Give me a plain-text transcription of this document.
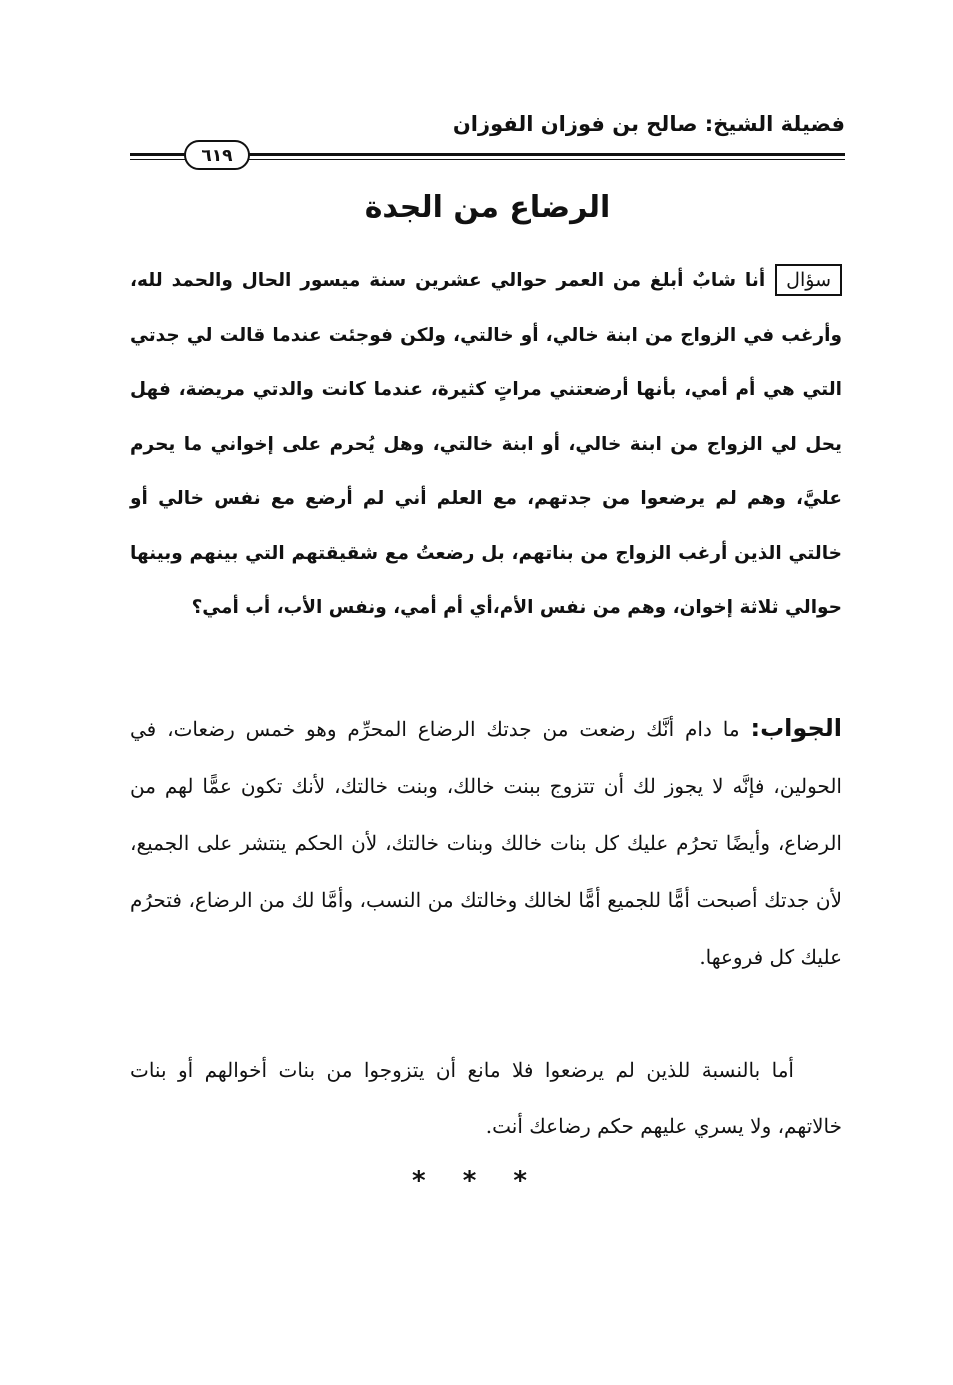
فضيلة الشيخ: صالح بن فوزان الفوزان
٦١٩
الرضاع من الجدة
سؤالأنا شابٌ أبلغ من العمر حوالي عشرين سنة ميسور الحال والحمد لله، وأرغب في الزواج من ابنة خالي، أو خالتي، ولكن فوجئت عندما قالت لي جدتي التي هي أم أمي، بأنها أرضعتني مراتٍ كثيرة، عندما كانت والدتي مريضة، فهل يحل لي الزواج من ابنة خالي، أو ابنة خالتي، وهل يُحرم على إخواني ما يحرم عليَّ، وهم لم يرضعوا من جدتهم، مع العلم أني لم أرضع مع نفس خالي أو خالتي الذين أرغب الزواج من بناتهم، بل رضعتُ مع شقيقتهم التي بينهم وبينها حوالي ثلاثة إخوان، وهم من نفس الأم،أي أم أمي، ونفس الأب، أب أمي؟
الجواب: ما دام أنَّك رضعت من جدتك الرضاع المحرِّم وهو خمس رضعات، في الحولين، فإنَّه لا يجوز لك أن تتزوج ببنت خالك، وبنت خالتك، لأنك تكون عمًّا لهم من الرضاع، وأيضًا تحرُم عليك كل بنات خالك وبنات خالتك، لأن الحكم ينتشر على الجميع، لأن جدتك أصبحت أمًّا للجميع أمًّا لخالك وخالتك من النسب، وأمَّا لك من الرضاع، فتحرُم عليك كل فروعها.
أما بالنسبة للذين لم يرضعوا فلا مانع أن يتزوجوا من بنات أخوالهم أو بنات خالاتهم، ولا يسري عليهم حكم رضاعك أنت.
* * *
